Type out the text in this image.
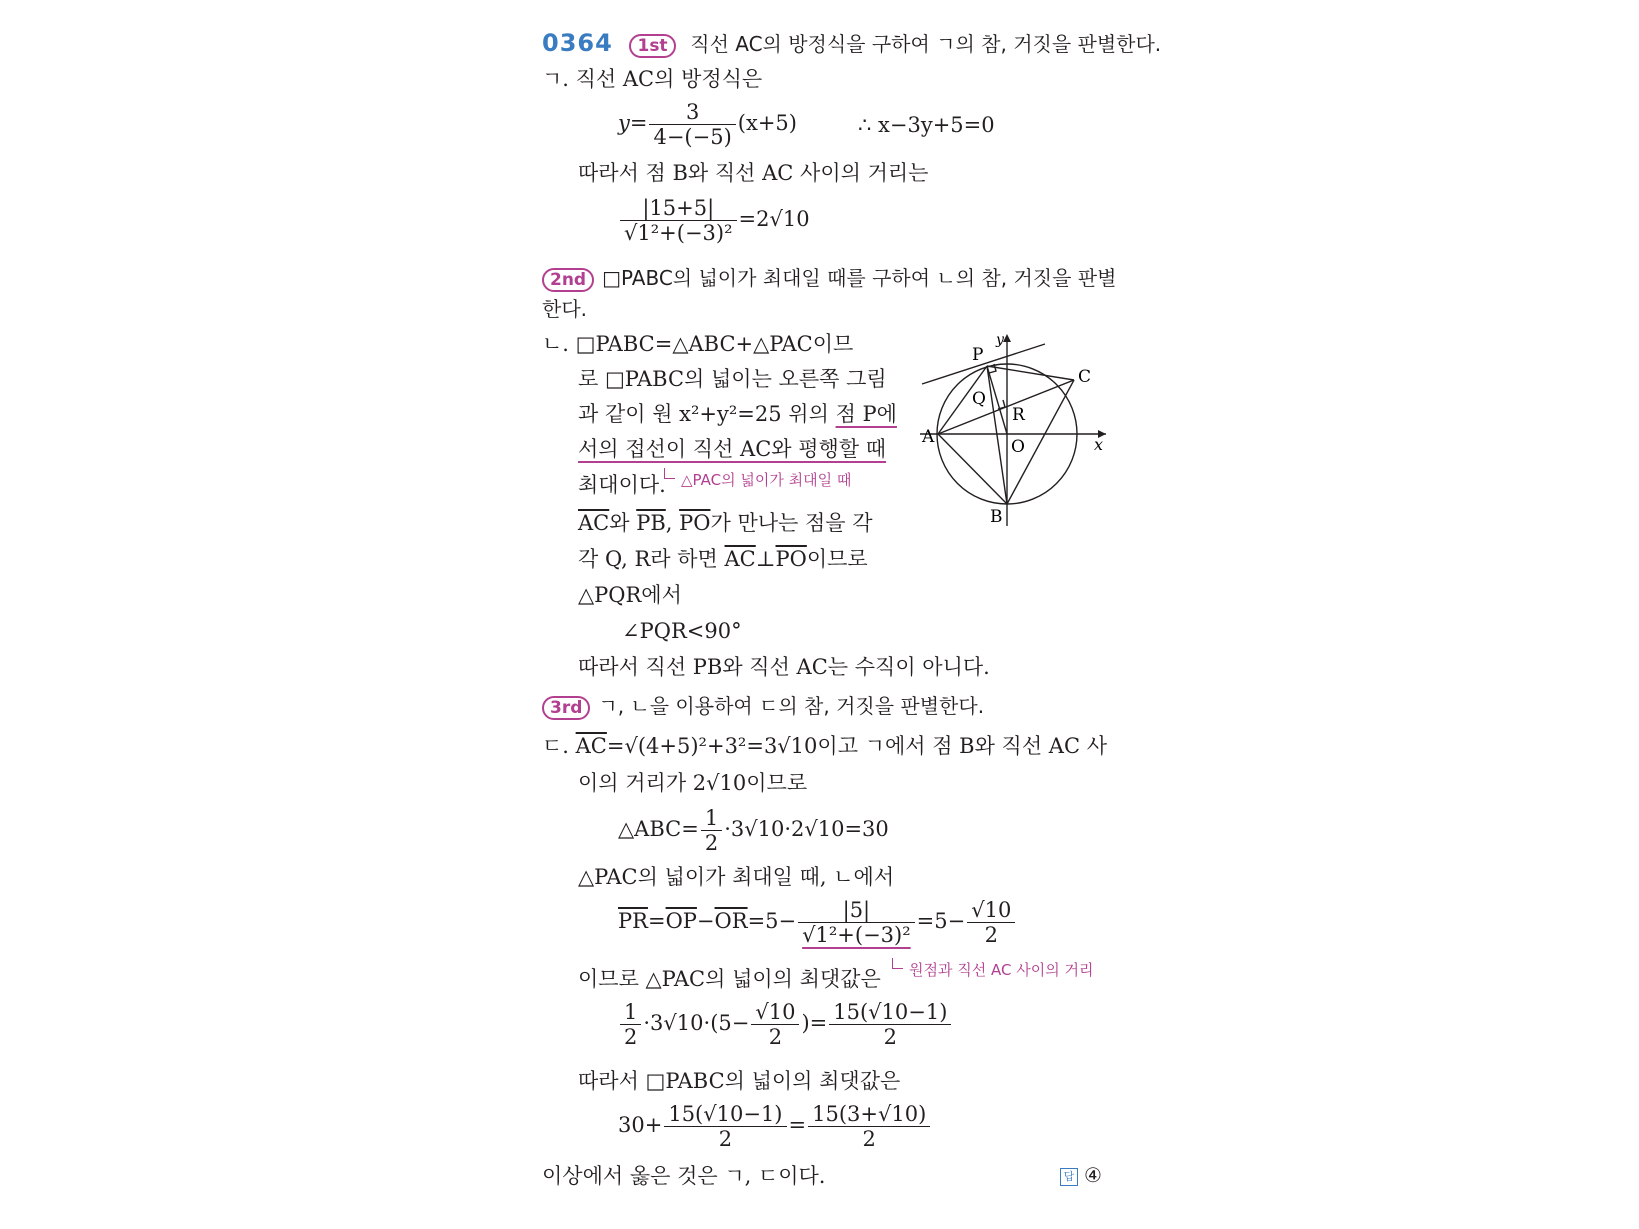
0364 1st 직선 AC의 방정식을 구하여 ㄱ의 참, 거짓을 판별한다.
ㄱ. 직선 AC의 방정식은
$y= \frac{3}{4-(-5)} (x+5)$	∴ x−3y+5=0
따라서 점 B와 직선 AC 사이의 거리는
$\frac{|15+5|}{\text{√1²+(−3)²}} =2√10$
2nd □PABC의 넓이가 최대일 때를 구하여 ㄴ의 참, 거짓을 판별
한다.
ㄴ. □PABC=△ABC+△PAC이므
로 □PABC의 넓이는 오른쪽 그림
과 같이 원 x²+y²=25 위의 점 P에
서의 접선이 직선 AC와 평행할 때
최대이다.	△PAC의 넓이가 최대일 때
$\overline{AC}$와 $\overline{PB}$, $\overline{PO}$가 만나는 점을 각
각 Q, R라 하면 $\overline{AC}\perp\overline{PO}$이므로
△PQR에서
∠PQR<90°
따라서 직선 PB와 직선 AC는 수직이 아니다.
P
y
C
Q
R
A	O	x
B
3rd ㄱ, ㄴ을 이용하여 ㄷ의 참, 거짓을 판별한다.
ㄷ. $\overline{AC}=√(4+5)^2+3^2=3√10$이고 ㄱ에서 점 B와 직선 AC 사
이의 거리가 2√10이므로
△ABC= $\frac{1}{2} \cdot 3√10\cdot 2√10=30$
△PAC의 넓이가 최대일 때, ㄴ에서
$\overline{PR}=\overline{OP}-\overline{OR}=5- \frac{|5|}{\text{√1²+(−3)²}} =5- \frac{√10}{2}$
원점과 직선 AC 사이의 거리
이므로 △PAC의 넓이의 최댓값은
$\frac{1}{2} \cdot 3√10\cdot(5- \frac{√10}{2}$ )= $\frac{15(√10-1)}{2}$
따라서 □PABC의 넓이의 최댓값은
$30+ \frac{15(√10-1)}{2} = \frac{15(3+√10)}{2}$
이상에서 옳은 것은 ㄱ, ㄷ이다.	답 ④
